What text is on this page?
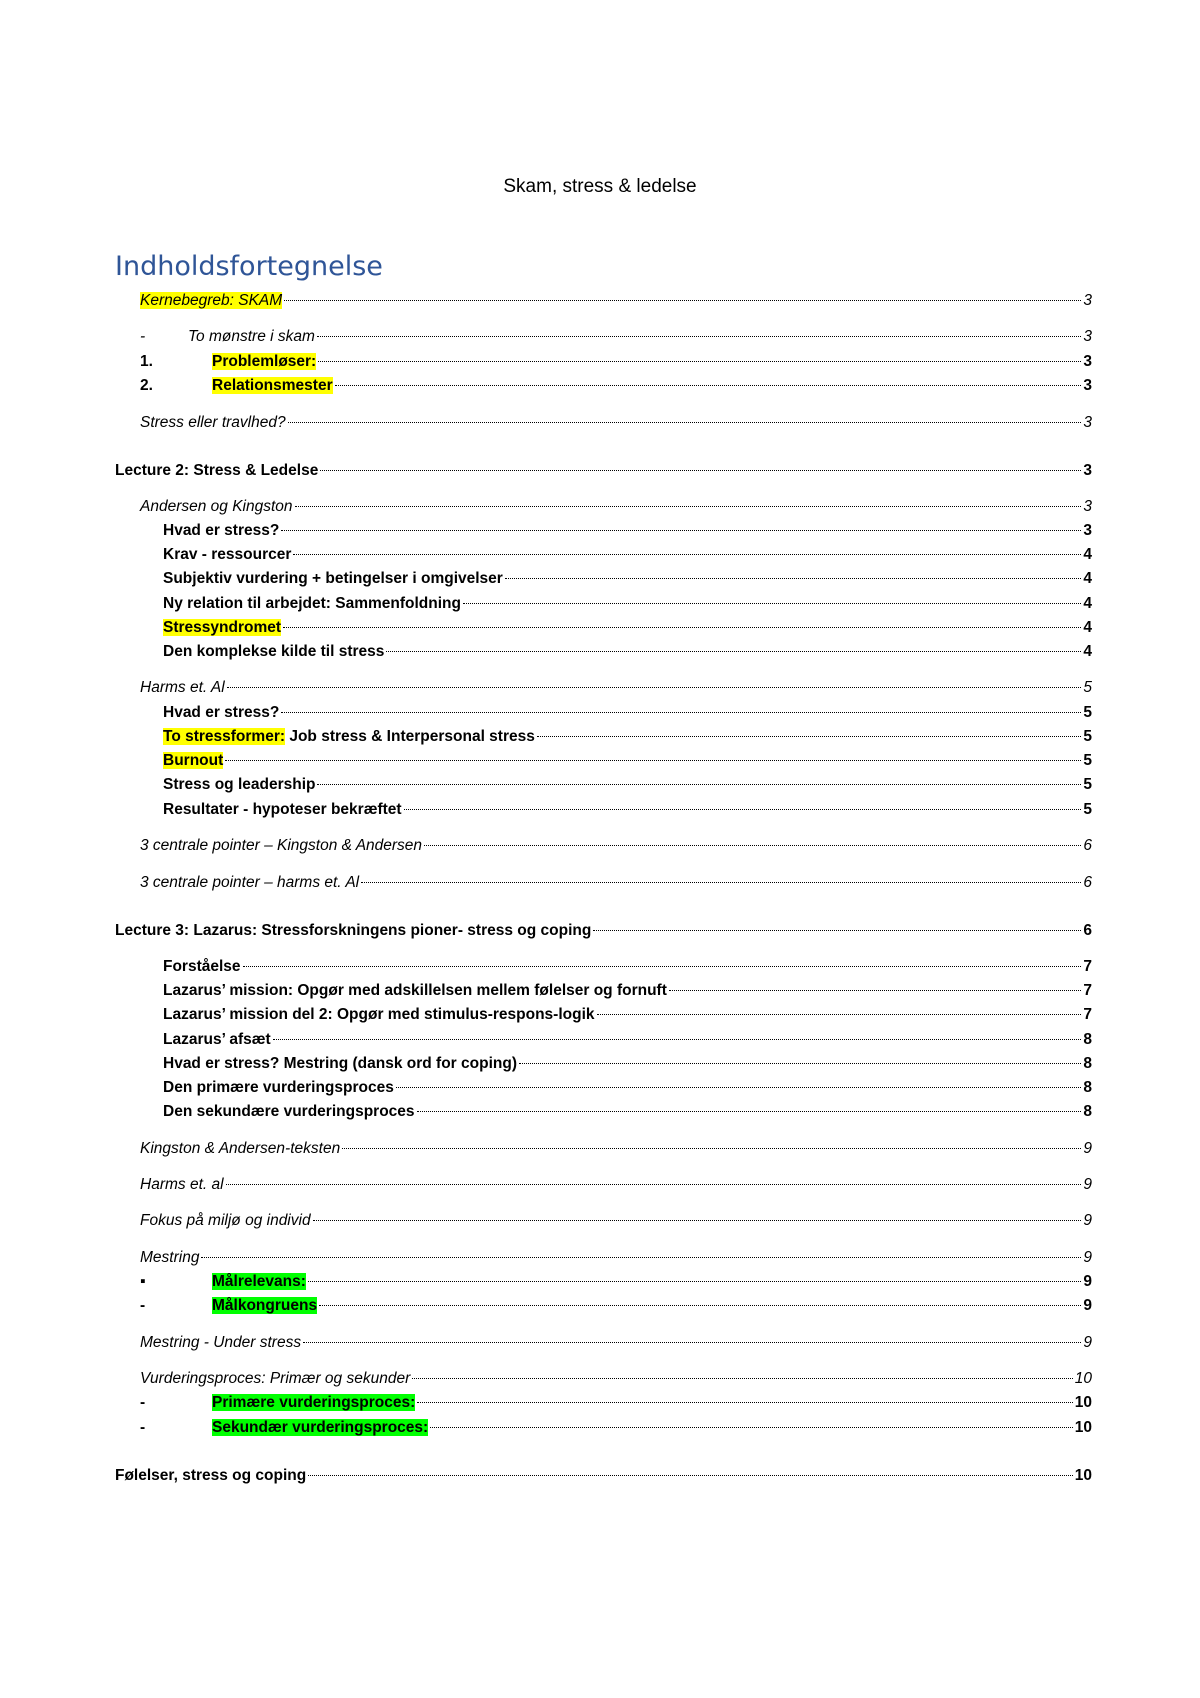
Skam, stress & ledelse
Indholdsfortegnelse
Kernebegreb: SKAM	3
-	To mønstre i skam	3
1.	Problemløser:	3
2.	Relationsmester	3
Stress eller travlhed?	3
Lecture 2: Stress & Ledelse	3
Andersen og Kingston	3
Hvad er stress?	3
Krav - ressourcer	4
Subjektiv vurdering + betingelser i omgivelser	4
Ny relation til arbejdet: Sammenfoldning	4
Stressyndromet	4
Den komplekse kilde til stress	4
Harms et. Al	5
Hvad er stress?	5
To stressformer: Job stress & Interpersonal stress	5
Burnout	5
Stress og leadership	5
Resultater - hypoteser bekræftet	5
3 centrale pointer – Kingston & Andersen	6
3 centrale pointer – harms et. Al	6
Lecture 3: Lazarus: Stressforskningens pioner- stress og coping	6
Forståelse	7
Lazarus’ mission: Opgør med adskillelsen mellem følelser og fornuft	7
Lazarus’ mission del 2: Opgør med stimulus-respons-logik	7
Lazarus’ afsæt	8
Hvad er stress? Mestring (dansk ord for coping)	8
Den primære vurderingsproces	8
Den sekundære vurderingsproces	8
Kingston & Andersen-teksten	9
Harms et. al	9
Fokus på miljø og individ	9
Mestring	9
▪	Målrelevans:	9
-	Målkongruens	9
Mestring - Under stress	9
Vurderingsproces: Primær og sekunder	10
-	Primære vurderingsproces:	10
-	Sekundær vurderingsproces:	10
Følelser, stress og coping	10
